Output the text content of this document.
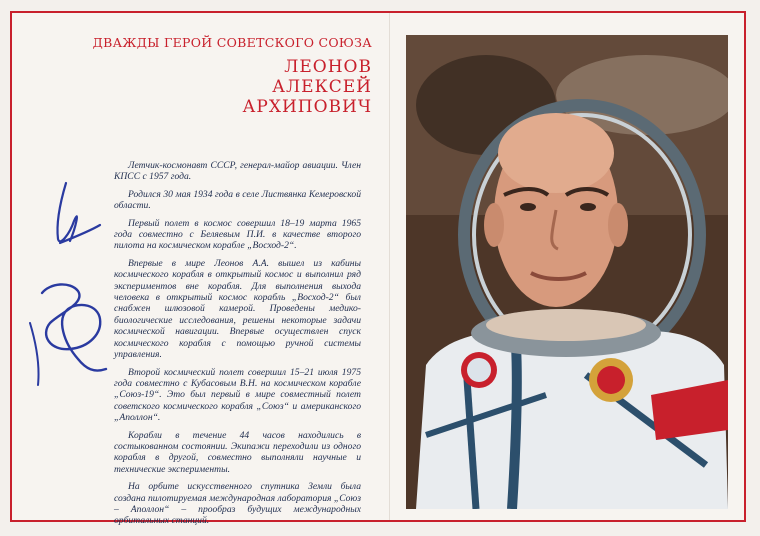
ДВАЖДЫ ГЕРОЙ СОВЕТСКОГО СОЮЗА
ЛЕОНОВ
АЛЕКСЕЙ
АРХИПОВИЧ

Летчик-космонавт СССР, генерал-майор авиации. Член КПСС с 1957 года.

Родился 30 мая 1934 года в селе Листвянка Кемеровской области.

Первый полет в космос совершил 18–19 марта 1965 года совместно с Беляевым П.И. в качестве второго пилота на космическом корабле „Восход-2“.

Впервые в мире Леонов А.А. вышел из кабины космического корабля в открытый космос и выполнил ряд экспериментов вне корабля. Для выполнения выхода человека в открытый космос корабль „Восход-2“ был снабжен шлюзовой камерой. Проведены медико-биологические исследования, решены некоторые задачи космической навигации. Впервые осуществлен спуск космического корабля с помощью ручной системы управления.

Второй космический полет совершил 15–21 июля 1975 года совместно с Кубасовым В.Н. на космическом корабле „Союз-19“. Это был первый в мире совместный полет советского космического корабля „Союз“ и американского „Аполлон“.

Корабли в течение 44 часов находились в состыкованном состоянии. Экипажи переходили из одного корабля в другой, совместно выполняли научные и технические эксперименты.

На орбите искусственного спутника Земли была создана пилотируемая международная лаборатория „Союз – Аполлон“ – прообраз будущих международных орбитальных станций.
